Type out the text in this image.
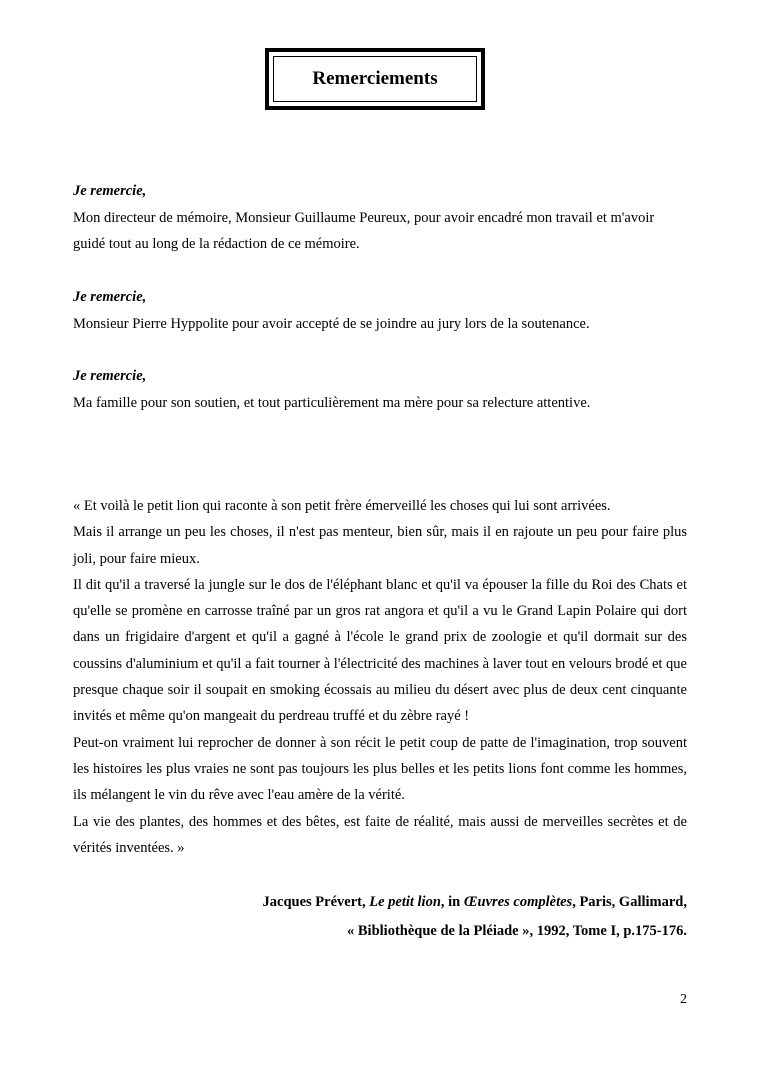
Remerciements
Je remercie,
Mon directeur de mémoire, Monsieur Guillaume Peureux, pour avoir encadré mon travail et m'avoir
guidé tout au long de la rédaction de ce mémoire.
Je remercie,
Monsieur Pierre Hyppolite pour avoir accepté de se joindre au jury lors de la soutenance.
Je remercie,
Ma famille pour son soutien, et tout particulièrement ma mère pour sa relecture attentive.

« Et voilà le petit lion qui raconte à son petit frère émerveillé les choses qui lui sont arrivées.

Mais il arrange un peu les choses, il n'est pas menteur, bien sûr, mais il en rajoute un peu pour faire plus joli, pour faire mieux.

Il dit qu'il a traversé la jungle sur le dos de l'éléphant blanc et qu'il va épouser la fille du Roi des Chats et qu'elle se promène en carrosse traîné par un gros rat angora et qu'il a vu le Grand Lapin Polaire qui dort dans un frigidaire d'argent et qu'il a gagné à l'école le grand prix de zoologie et qu'il dormait sur des coussins d'aluminium et qu'il a fait tourner à l'électricité des machines à laver tout en velours brodé et que presque chaque soir il soupait en smoking écossais au milieu du désert avec plus de deux cent cinquante invités et même qu'on mangeait du perdreau truffé et du zèbre rayé !

Peut-on vraiment lui reprocher de donner à son récit le petit coup de patte de l'imagination, trop souvent les histoires les plus vraies ne sont pas toujours les plus belles et les petits lions font comme les hommes, ils mélangent le vin du rêve avec l'eau amère de la vérité.

La vie des plantes, des hommes et des bêtes, est faite de réalité, mais aussi de merveilles secrètes et de vérités inventées. »

Jacques Prévert, Le petit lion, in Œuvres complètes, Paris, Gallimard,
« Bibliothèque de la Pléiade », 1992, Tome I, p.175-176.
2
